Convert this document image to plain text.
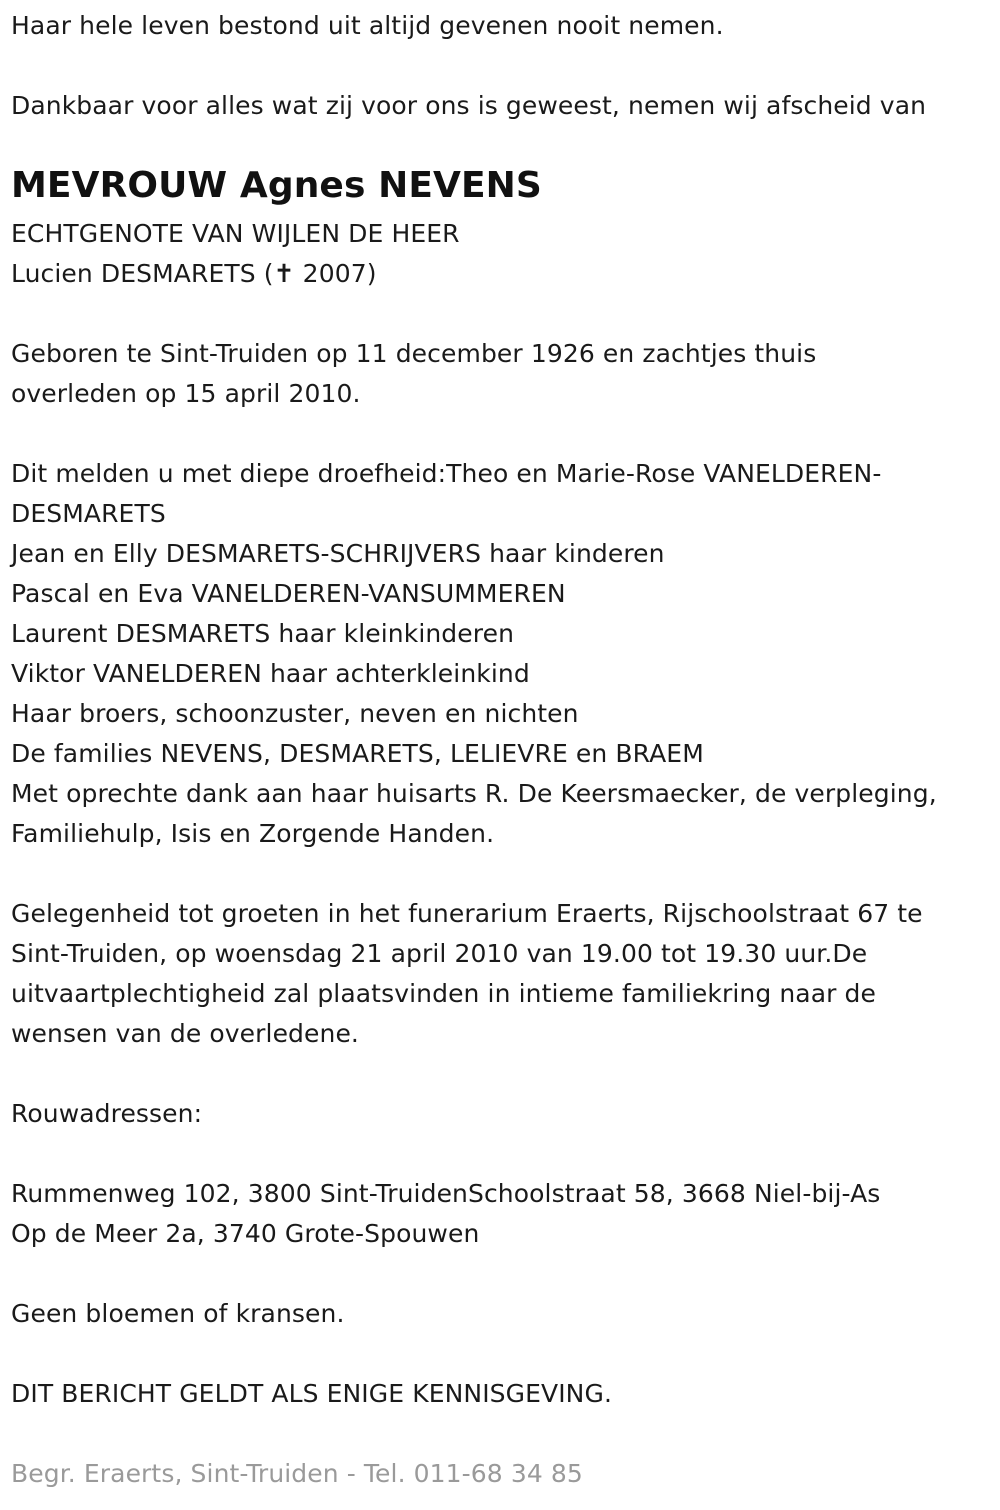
Haar hele leven bestond uit altijd gevenen nooit nemen.
Dankbaar voor alles wat zij voor ons is geweest, nemen wij afscheid van
MEVROUW Agnes NEVENS
ECHTGENOTE VAN WIJLEN DE HEER
Lucien DESMARETS (✝ 2007)
Geboren te Sint-Truiden op 11 december 1926 en zachtjes thuis
overleden op 15 april 2010.
Dit melden u met diepe droefheid:Theo en Marie-Rose VANELDEREN-
DESMARETS
Jean en Elly DESMARETS-SCHRIJVERS haar kinderen
Pascal en Eva VANELDEREN-VANSUMMEREN
Laurent DESMARETS haar kleinkinderen
Viktor VANELDEREN haar achterkleinkind
Haar broers, schoonzuster, neven en nichten
De families NEVENS, DESMARETS, LELIEVRE en BRAEM
Met oprechte dank aan haar huisarts R. De Keersmaecker, de verpleging,
Familiehulp, Isis en Zorgende Handen.
Gelegenheid tot groeten in het funerarium Eraerts, Rijschoolstraat 67 te
Sint-Truiden, op woensdag 21 april 2010 van 19.00 tot 19.30 uur.De
uitvaartplechtigheid zal plaatsvinden in intieme familiekring naar de
wensen van de overledene.
Rouwadressen:
Rummenweg 102, 3800 Sint-TruidenSchoolstraat 58, 3668 Niel-bij-As
Op de Meer 2a, 3740 Grote-Spouwen
Geen bloemen of kransen.
DIT BERICHT GELDT ALS ENIGE KENNISGEVING.
Begr. Eraerts, Sint-Truiden - Tel. 011-68 34 85
